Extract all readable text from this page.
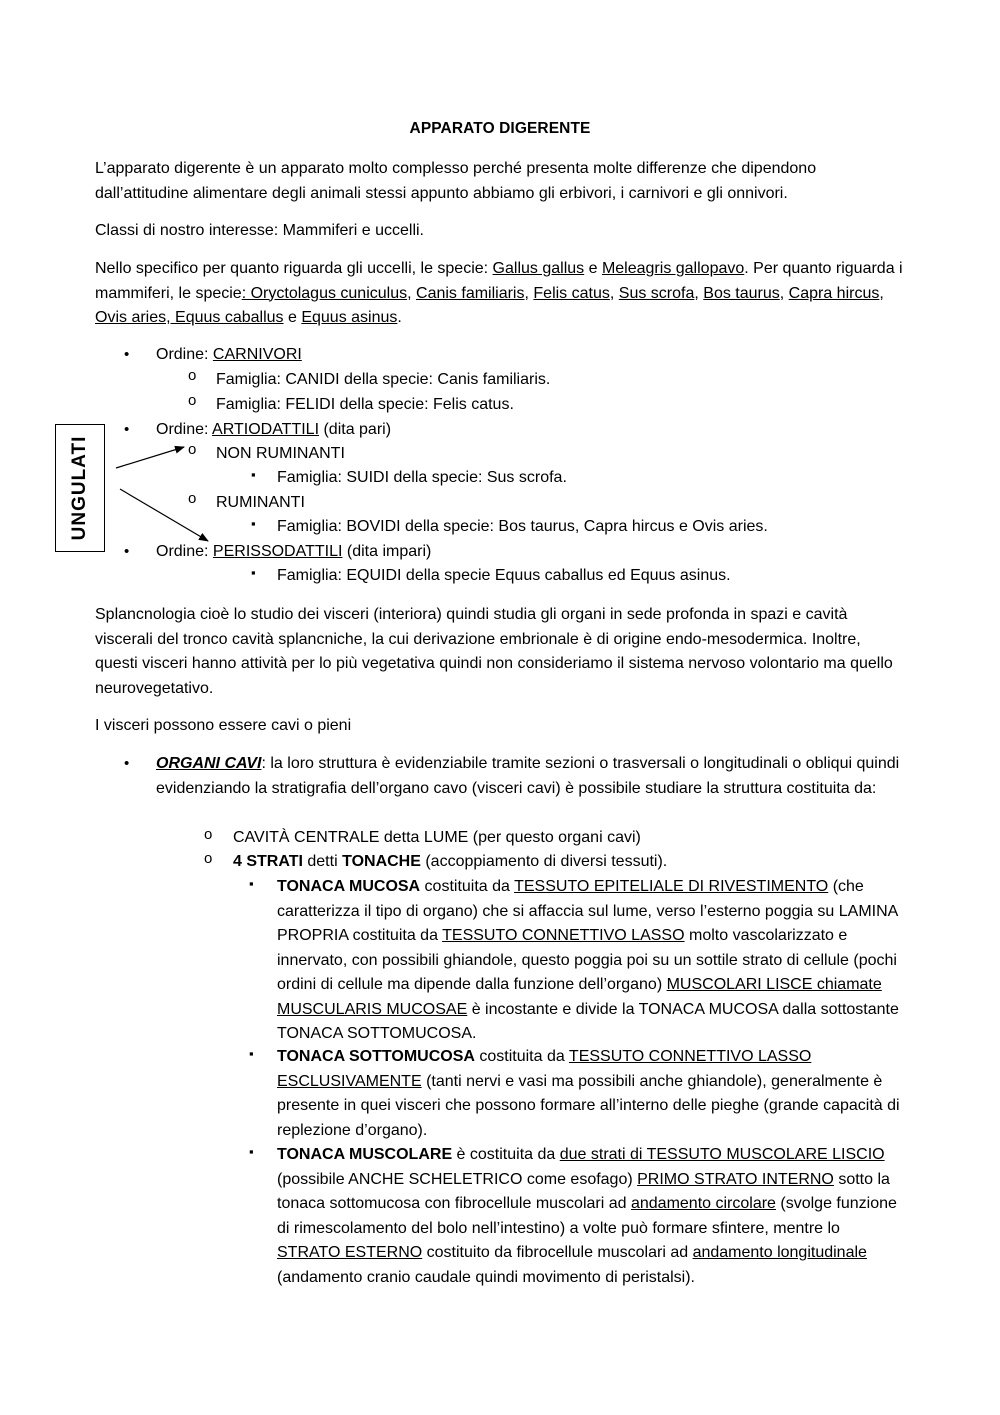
APPARATO DIGERENTE

L’apparato digerente è un apparato molto complesso perché presenta molte differenze che dipendono dall’attitudine alimentare degli animali stessi appunto abbiamo gli erbivori, i carnivori e gli onnivori.

Classi di nostro interesse: Mammiferi e uccelli.

Nello specifico per quanto riguarda gli uccelli, le specie: Gallus gallus e Meleagris gallopavo. Per quanto riguarda i mammiferi, le specie: Oryctolagus cuniculus, Canis familiaris, Felis catus, Sus scrofa, Bos taurus, Capra hircus, Ovis aries, Equus caballus e Equus asinus.

• Ordine: CARNIVORI
o Famiglia: CANIDI della specie: Canis familiaris.
o Famiglia: FELIDI della specie: Felis catus.
• Ordine: ARTIODATTILI (dita pari)
o NON RUMINANTI
▪ Famiglia: SUIDI della specie: Sus scrofa.
o RUMINANTI
▪ Famiglia: BOVIDI della specie: Bos taurus, Capra hircus e Ovis aries.
• Ordine: PERISSODATTILI (dita impari)
▪ Famiglia: EQUIDI della specie Equus caballus ed Equus asinus.
UNGULATI

Splancnologia cioè lo studio dei visceri (interiora) quindi studia gli organi in sede profonda in spazi e cavità viscerali del tronco cavità splancniche, la cui derivazione embrionale è di origine endo-mesodermica. Inoltre, questi visceri hanno attività per lo più vegetativa quindi non consideriamo il sistema nervoso volontario ma quello neurovegetativo.

I visceri possono essere cavi o pieni

• ORGANI CAVI: la loro struttura è evidenziabile tramite sezioni o trasversali o longitudinali o obliqui quindi evidenziando la stratigrafia dell’organo cavo (visceri cavi) è possibile studiare la struttura costituita da:
o CAVITÀ CENTRALE detta LUME (per questo organi cavi)
o 4 STRATI detti TONACHE (accoppiamento di diversi tessuti).
▪ TONACA MUCOSA costituita da TESSUTO EPITELIALE DI RIVESTIMENTO (che caratterizza il tipo di organo) che si affaccia sul lume, verso l’esterno poggia su LAMINA PROPRIA costituita da TESSUTO CONNETTIVO LASSO molto vascolarizzato e innervato, con possibili ghiandole, questo poggia poi su un sottile strato di cellule (pochi ordini di cellule ma dipende dalla funzione dell’organo) MUSCOLARI LISCE chiamate MUSCULARIS MUCOSAE è incostante e divide la TONACA MUCOSA dalla sottostante TONACA SOTTOMUCOSA.
▪ TONACA SOTTOMUCOSA costituita da TESSUTO CONNETTIVO LASSO ESCLUSIVAMENTE (tanti nervi e vasi ma possibili anche ghiandole), generalmente è presente in quei visceri che possono formare all’interno delle pieghe (grande capacità di replezione d’organo).
▪ TONACA MUSCOLARE è costituita da due strati di TESSUTO MUSCOLARE LISCIO (possibile ANCHE SCHELETRICO come esofago) PRIMO STRATO INTERNO sotto la tonaca sottomucosa con fibrocellule muscolari ad andamento circolare (svolge funzione di rimescolamento del bolo nell’intestino) a volte può formare sfintere, mentre lo STRATO ESTERNO costituito da fibrocellule muscolari ad andamento longitudinale (andamento cranio caudale quindi movimento di peristalsi).
